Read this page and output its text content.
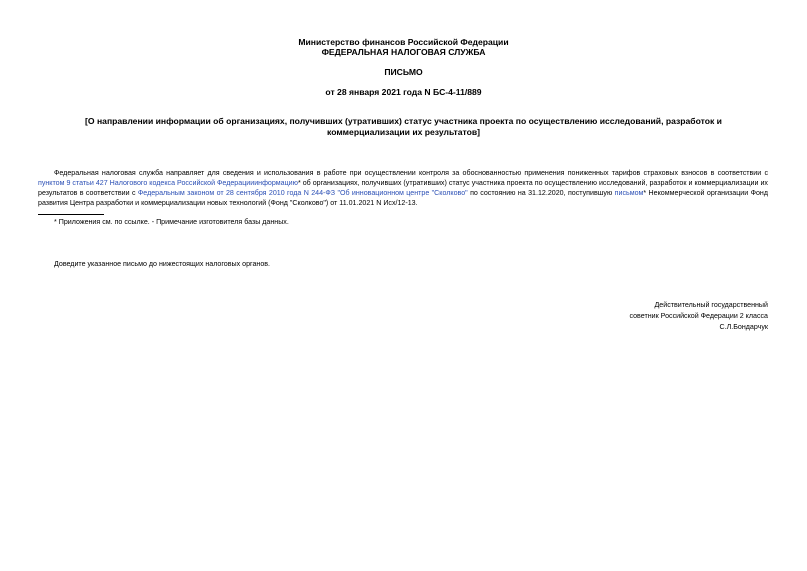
Министерство финансов Российской Федерации
ФЕДЕРАЛЬНАЯ НАЛОГОВАЯ СЛУЖБА
ПИСЬМО
от 28 января 2021 года N БС-4-11/889
[О направлении информации об организациях, получивших (утративших) статус участника проекта по осуществлению исследований, разработок и коммерциализации их результатов]
Федеральная налоговая служба направляет для сведения и использования в работе при осуществлении контроля за обоснованностью применения пониженных тарифов страховых взносов в соответствии с пунктом 9 статьи 427 Налогового кодекса Российской Федерацииинформацию* об организациях, получивших (утративших) статус участника проекта по осуществлению исследований, разработок и коммерциализации их результатов в соответствии с Федеральным законом от 28 сентября 2010 года N 244-ФЗ "Об инновационном центре "Сколково" по состоянию на 31.12.2020, поступившую письмом* Некоммерческой организации Фонд развития Центра разработки и коммерциализации новых технологий (Фонд "Сколково") от 11.01.2021 N Исх/12-13.
* Приложения см. по ссылке. - Примечание изготовителя базы данных.
Доведите указанное письмо до нижестоящих налоговых органов.
Действительный государственный
советник Российской Федерации 2 класса
С.Л.Бондарчук
